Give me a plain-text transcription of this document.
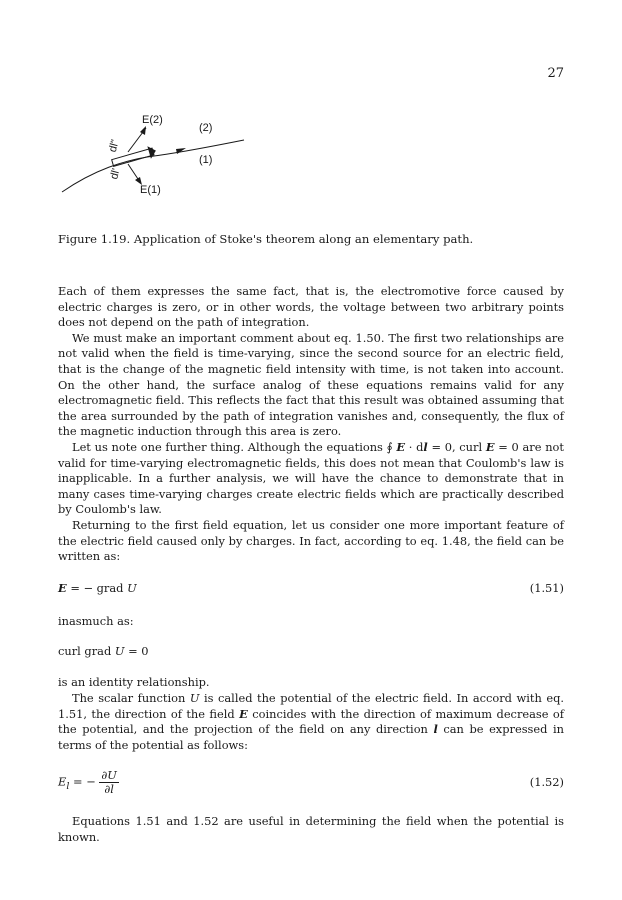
27
E(2)
(2)
dl"
(1)
dl'
E(1)
Figure 1.19. Application of Stoke's theorem along an elementary path.

Each of them expresses the same fact, that is, the electromotive force caused by electric charges is zero, or in other words, the voltage between two arbitrary points does not depend on the path of integration.

We must make an important comment about eq. 1.50. The first two relationships are not valid when the field is time-varying, since the second source for an electric field, that is the change of the magnetic field intensity with time, is not taken into account. On the other hand, the surface analog of these equations remains valid for any electromagnetic field. This reflects the fact that this result was obtained assuming that the area surrounded by the path of integration vanishes and, consequently, the flux of the magnetic induction through this area is zero.

Let us note one further thing. Although the equations ∮ E · dl = 0, curl E = 0 are not valid for time-varying electromagnetic fields, this does not mean that Coulomb's law is inapplicable. In a further analysis, we will have the chance to demonstrate that in many cases time-varying charges create electric fields which are practically described by Coulomb's law.

Returning to the first field equation, let us consider one more important feature of the electric field caused only by charges. In fact, according to eq. 1.48, the field can be written as:

E = − grad U	(1.51)

inasmuch as:

curl grad U = 0

is an identity relationship.

The scalar function U is called the potential of the electric field. In accord with eq. 1.51, the direction of the field E coincides with the direction of maximum decrease of the potential, and the projection of the field on any direction l can be expressed in terms of the potential as follows:

$E_l$ = − $\frac{\partial U}{\partial l}$	(1.52)

Equations 1.51 and 1.52 are useful in determining the field when the potential is known.
